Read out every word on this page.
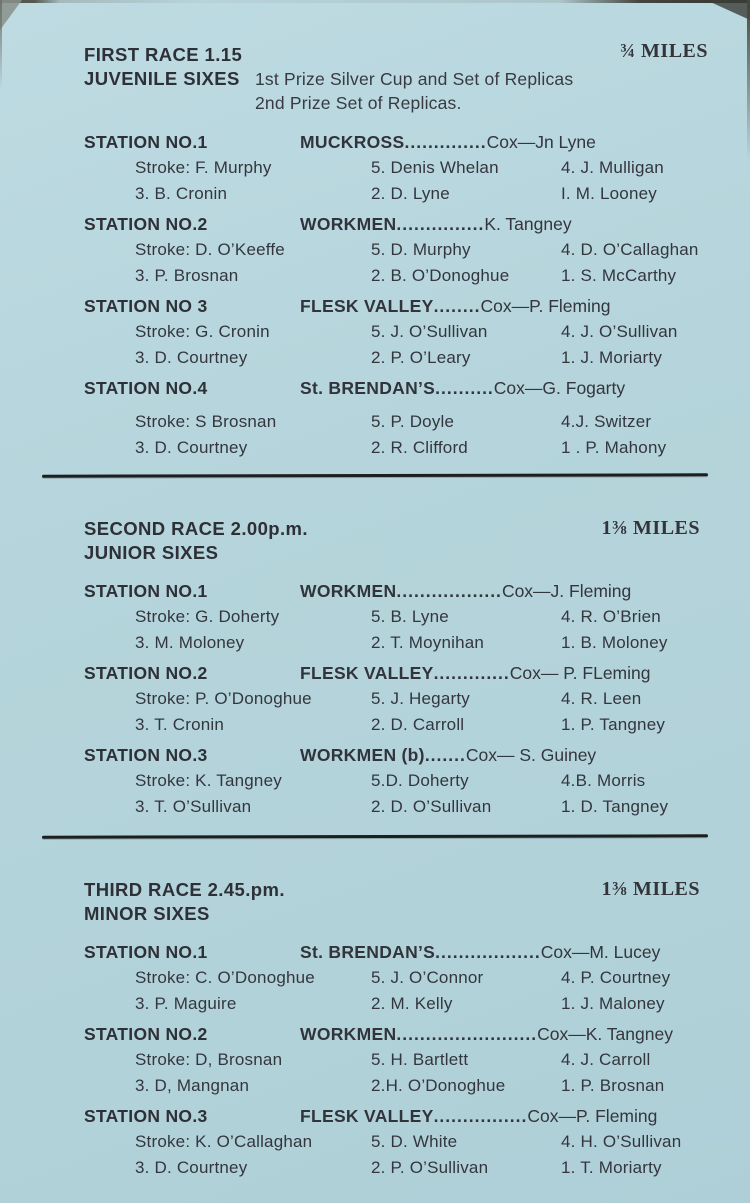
FIRST RACE 1.15
JUVENILE SIXES 1st Prize Silver Cup and Set of Replicas
2nd Prize Set of Replicas.
¾ MILES
STATION NO.1	MUCKROSS..............Cox—Jn Lyne
Stroke: F. Murphy	5. Denis Whelan	4. J. Mulligan
3. B. Cronin	2. D. Lyne	I. M. Looney
STATION NO.2	WORKMEN...............K. Tangney
Stroke: D. O’Keeffe	5. D. Murphy	4. D. O’Callaghan
3. P. Brosnan	2. B. O’Donoghue	1. S. McCarthy
STATION NO 3	FLESK VALLEY........Cox—P. Fleming
Stroke: G. Cronin	5. J. O’Sullivan	4. J. O’Sullivan
3. D. Courtney	2. P. O’Leary	1. J. Moriarty
STATION NO.4	St. BRENDAN’S..........Cox—G. Fogarty
Stroke: S Brosnan	5. P. Doyle	4.J. Switzer
3. D. Courtney	2. R. Clifford	1 . P. Mahony
SECOND RACE 2.00p.m.
JUNIOR SIXES
1⅜ MILES
STATION NO.1	WORKMEN..................Cox—J. Fleming
Stroke: G. Doherty	5. B. Lyne	4. R. O’Brien
3. M. Moloney	2. T. Moynihan	1. B. Moloney
STATION NO.2	FLESK VALLEY.............Cox— P. FLeming
Stroke: P. O’Donoghue	5. J. Hegarty	4. R. Leen
3. T. Cronin	2. D. Carroll	1. P. Tangney
STATION NO.3	WORKMEN (b).......Cox— S. Guiney
Stroke: K. Tangney	5.D. Doherty	4.B. Morris
3. T. O’Sullivan	2. D. O’Sullivan	1. D. Tangney
THIRD RACE 2.45.pm.
MINOR SIXES
1⅜ MILES
STATION NO.1	St. BRENDAN’S..................Cox—M. Lucey
Stroke: C. O’Donoghue	5. J. O’Connor	4. P. Courtney
3. P. Maguire	2. M. Kelly	1. J. Maloney
STATION NO.2	WORKMEN........................Cox—K. Tangney
Stroke: D, Brosnan	5. H. Bartlett	4. J. Carroll
3. D, Mangnan	2.H. O’Donoghue	1. P. Brosnan
STATION NO.3	FLESK VALLEY................Cox—P. Fleming
Stroke: K. O’Callaghan	5. D. White	4. H. O’Sullivan
3. D. Courtney	2. P. O’Sullivan	1. T. Moriarty
